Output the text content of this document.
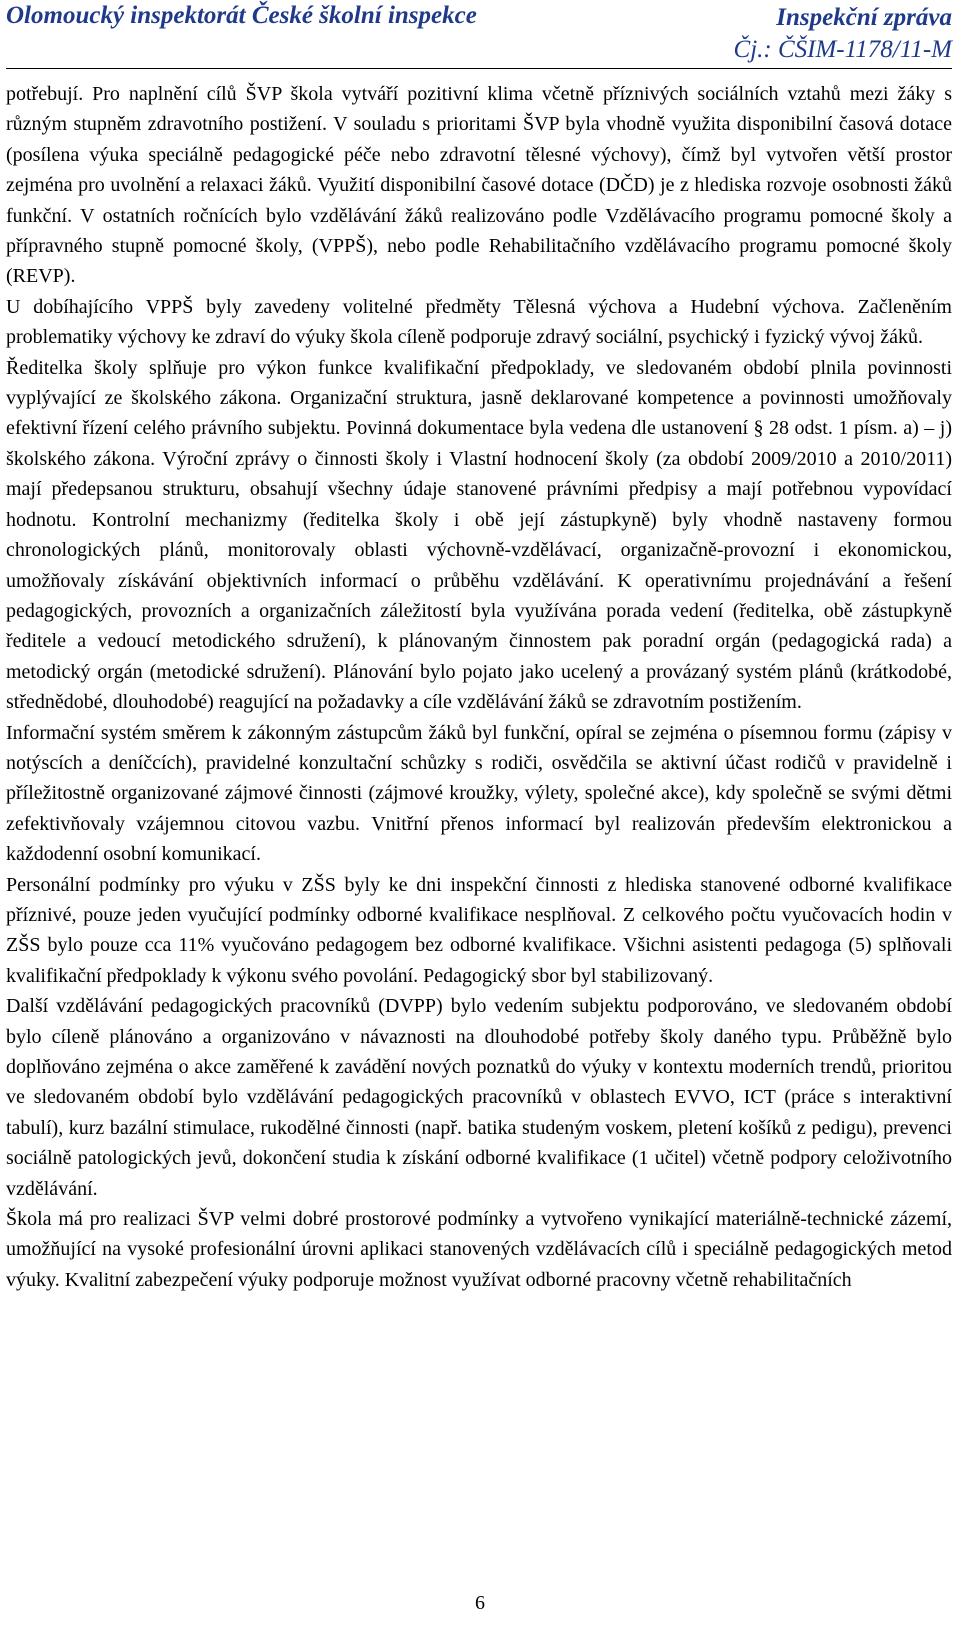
Olomoucký inspektorát České školní inspekce	Inspekční zpráva
Čj.: ČŠIM-1178/11-M

potřebují. Pro naplnění cílů ŠVP škola vytváří pozitivní klima včetně příznivých sociálních vztahů mezi žáky s různým stupněm zdravotního postižení. V souladu s prioritami ŠVP byla vhodně využita disponibilní časová dotace (posílena výuka speciálně pedagogické péče nebo zdravotní tělesné výchovy), čímž byl vytvořen větší prostor zejména pro uvolnění a relaxaci žáků. Využití disponibilní časové dotace (DČD) je z hlediska rozvoje osobnosti žáků funkční. V ostatních ročnících bylo vzdělávání žáků realizováno podle Vzdělávacího programu pomocné školy a přípravného stupně pomocné školy, (VPPŠ), nebo podle Rehabilitačního vzdělávacího programu pomocné školy (REVP).

U dobíhajícího VPPŠ byly zavedeny volitelné předměty Tělesná výchova a Hudební výchova. Začleněním problematiky výchovy ke zdraví do výuky škola cíleně podporuje zdravý sociální, psychický i fyzický vývoj žáků.

Ředitelka školy splňuje pro výkon funkce kvalifikační předpoklady, ve sledovaném období plnila povinnosti vyplývající ze školského zákona. Organizační struktura, jasně deklarované kompetence a povinnosti umožňovaly efektivní řízení celého právního subjektu. Povinná dokumentace byla vedena dle ustanovení § 28 odst. 1 písm. a) – j) školského zákona. Výroční zprávy o činnosti školy i Vlastní hodnocení školy (za období 2009/2010 a 2010/2011) mají předepsanou strukturu, obsahují všechny údaje stanovené právními předpisy a mají potřebnou vypovídací hodnotu. Kontrolní mechanizmy (ředitelka školy i obě její zástupkyně) byly vhodně nastaveny formou chronologických plánů, monitorovaly oblasti výchovně-vzdělávací, organizačně-provozní i ekonomickou, umožňovaly získávání objektivních informací o průběhu vzdělávání. K operativnímu projednávání a řešení pedagogických, provozních a organizačních záležitostí byla využívána porada vedení (ředitelka, obě zástupkyně ředitele a vedoucí metodického sdružení), k plánovaným činnostem pak poradní orgán (pedagogická rada) a metodický orgán (metodické sdružení). Plánování bylo pojato jako ucelený a provázaný systém plánů (krátkodobé, střednědobé, dlouhodobé) reagující na požadavky a cíle vzdělávání žáků se zdravotním postižením.

Informační systém směrem k zákonným zástupcům žáků byl funkční, opíral se zejména o písemnou formu (zápisy v notýscích a deníčcích), pravidelné konzultační schůzky s rodiči, osvědčila se aktivní účast rodičů v pravidelně i příležitostně organizované zájmové činnosti (zájmové kroužky, výlety, společné akce), kdy společně se svými dětmi zefektivňovaly vzájemnou citovou vazbu. Vnitřní přenos informací byl realizován především elektronickou a každodenní osobní komunikací.

Personální podmínky pro výuku v ZŠS byly ke dni inspekční činnosti z hlediska stanovené odborné kvalifikace příznivé, pouze jeden vyučující podmínky odborné kvalifikace nesplňoval. Z celkového počtu vyučovacích hodin v ZŠS bylo pouze cca 11% vyučováno pedagogem bez odborné kvalifikace. Všichni asistenti pedagoga (5) splňovali kvalifikační předpoklady k výkonu svého povolání. Pedagogický sbor byl stabilizovaný.

Další vzdělávání pedagogických pracovníků (DVPP) bylo vedením subjektu podporováno, ve sledovaném období bylo cíleně plánováno a organizováno v návaznosti na dlouhodobé potřeby školy daného typu. Průběžně bylo doplňováno zejména o akce zaměřené k zavádění nových poznatků do výuky v kontextu moderních trendů, prioritou ve sledovaném období bylo vzdělávání pedagogických pracovníků v oblastech EVVO, ICT (práce s interaktivní tabulí), kurz bazální stimulace, rukodělné činnosti (např. batika studeným voskem, pletení košíků z pedigu), prevenci sociálně patologických jevů, dokončení studia k získání odborné kvalifikace (1 učitel) včetně podpory celoživotního vzdělávání.

Škola má pro realizaci ŠVP velmi dobré prostorové podmínky a vytvořeno vynikající materiálně-technické zázemí, umožňující na vysoké profesionální úrovni aplikaci stanovených vzdělávacích cílů i speciálně pedagogických metod výuky. Kvalitní zabezpečení výuky podporuje možnost využívat odborné pracovny včetně rehabilitačních

6
